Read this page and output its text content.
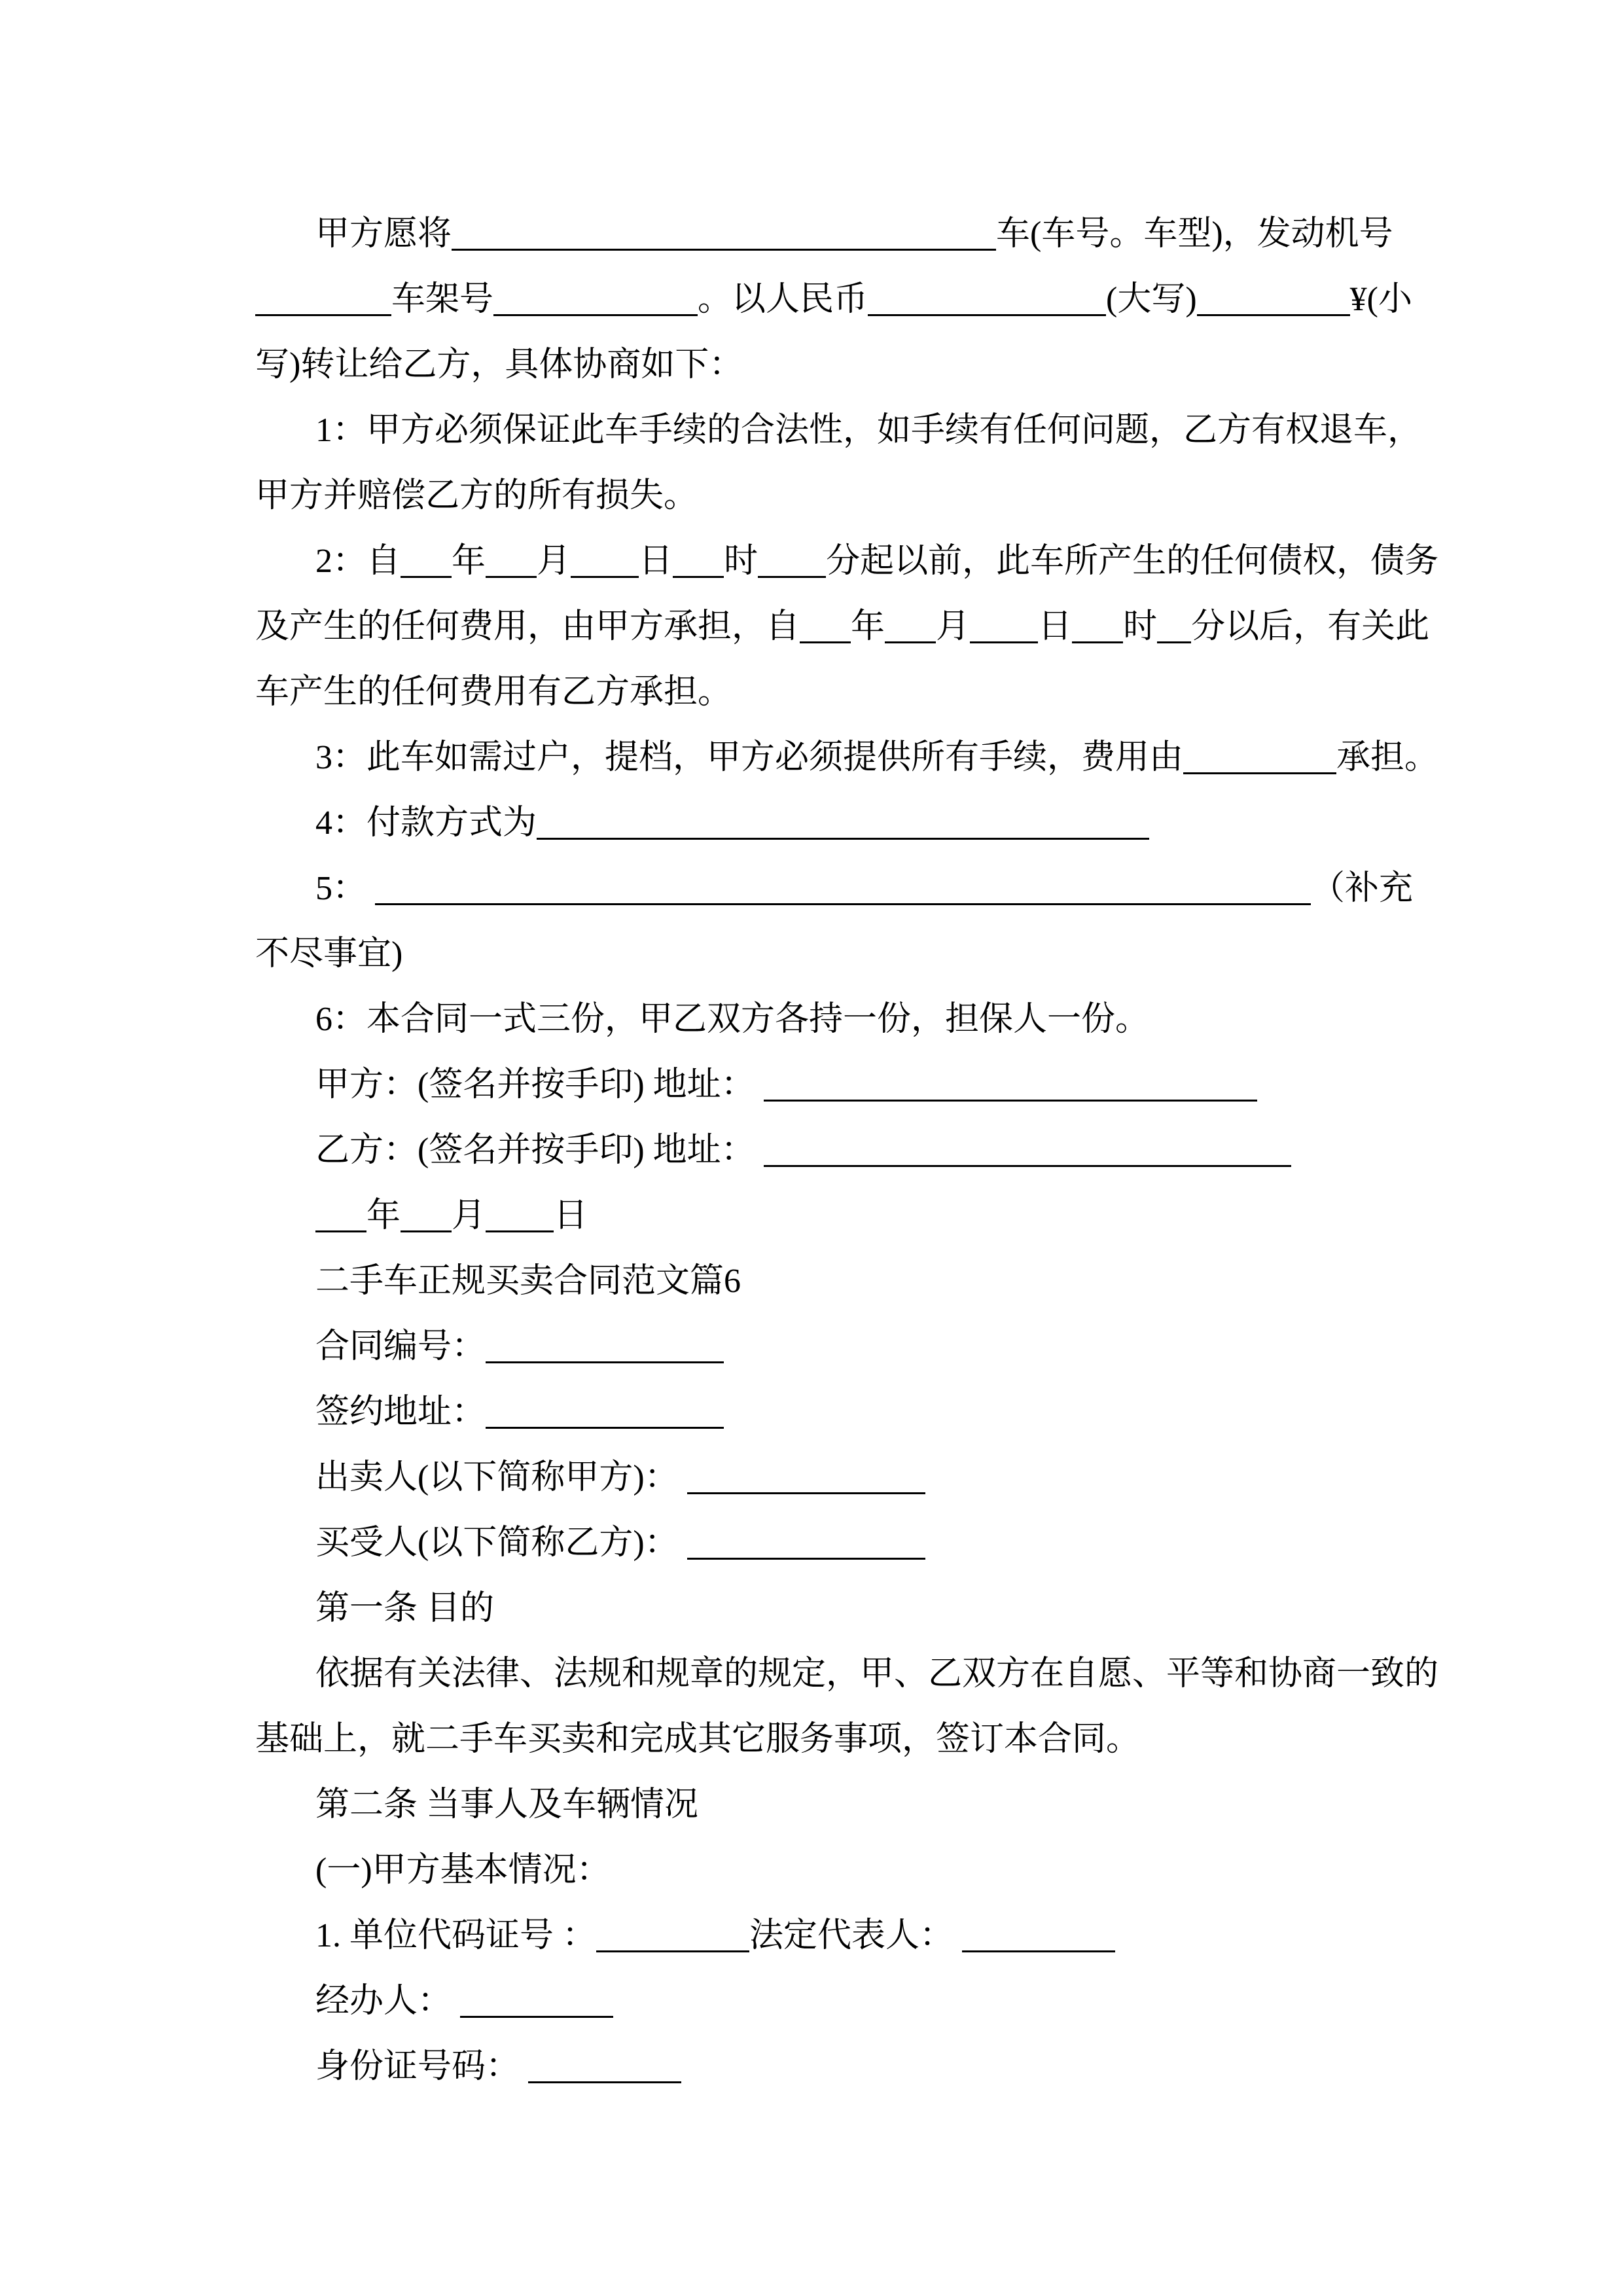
甲方愿将	车(车号。车型)，发动机号
车架号	。以人民币	(大写)	¥(小
写)转让给乙方，具体协商如下：
1：甲方必须保证此车手续的合法性，如手续有任何问题，乙方有权退车，
甲方并赔偿乙方的所有损失。
2：自 年 月 日 时 分起以前，此车所产生的任何债权，债务
及产生的任何费用，由甲方承担，自 年 月 日 时 分以后，有关此
车产生的任何费用有乙方承担。
3：此车如需过户，提档，甲方必须提供所有手续，费用由	承担。
4：付款方式为
5：	（补充
不尽事宜)
6：本合同一式三份，甲乙双方各持一份，担保人一份。
甲方：(签名并按手印) 地址：
乙方：(签名并按手印) 地址：
年 月 日
二手车正规买卖合同范文篇6
合同编号：
签约地址：
出卖人(以下简称甲方)：
买受人(以下简称乙方)：
第一条 目的
依据有关法律、法规和规章的规定，甲、乙双方在自愿、平等和协商一致的
基础上，就二手车买卖和完成其它服务事项，签订本合同。
第二条 当事人及车辆情况
(一)甲方基本情况：
1. 单位代码证号 ：	法定代表人：
经办人：
身份证号码：
